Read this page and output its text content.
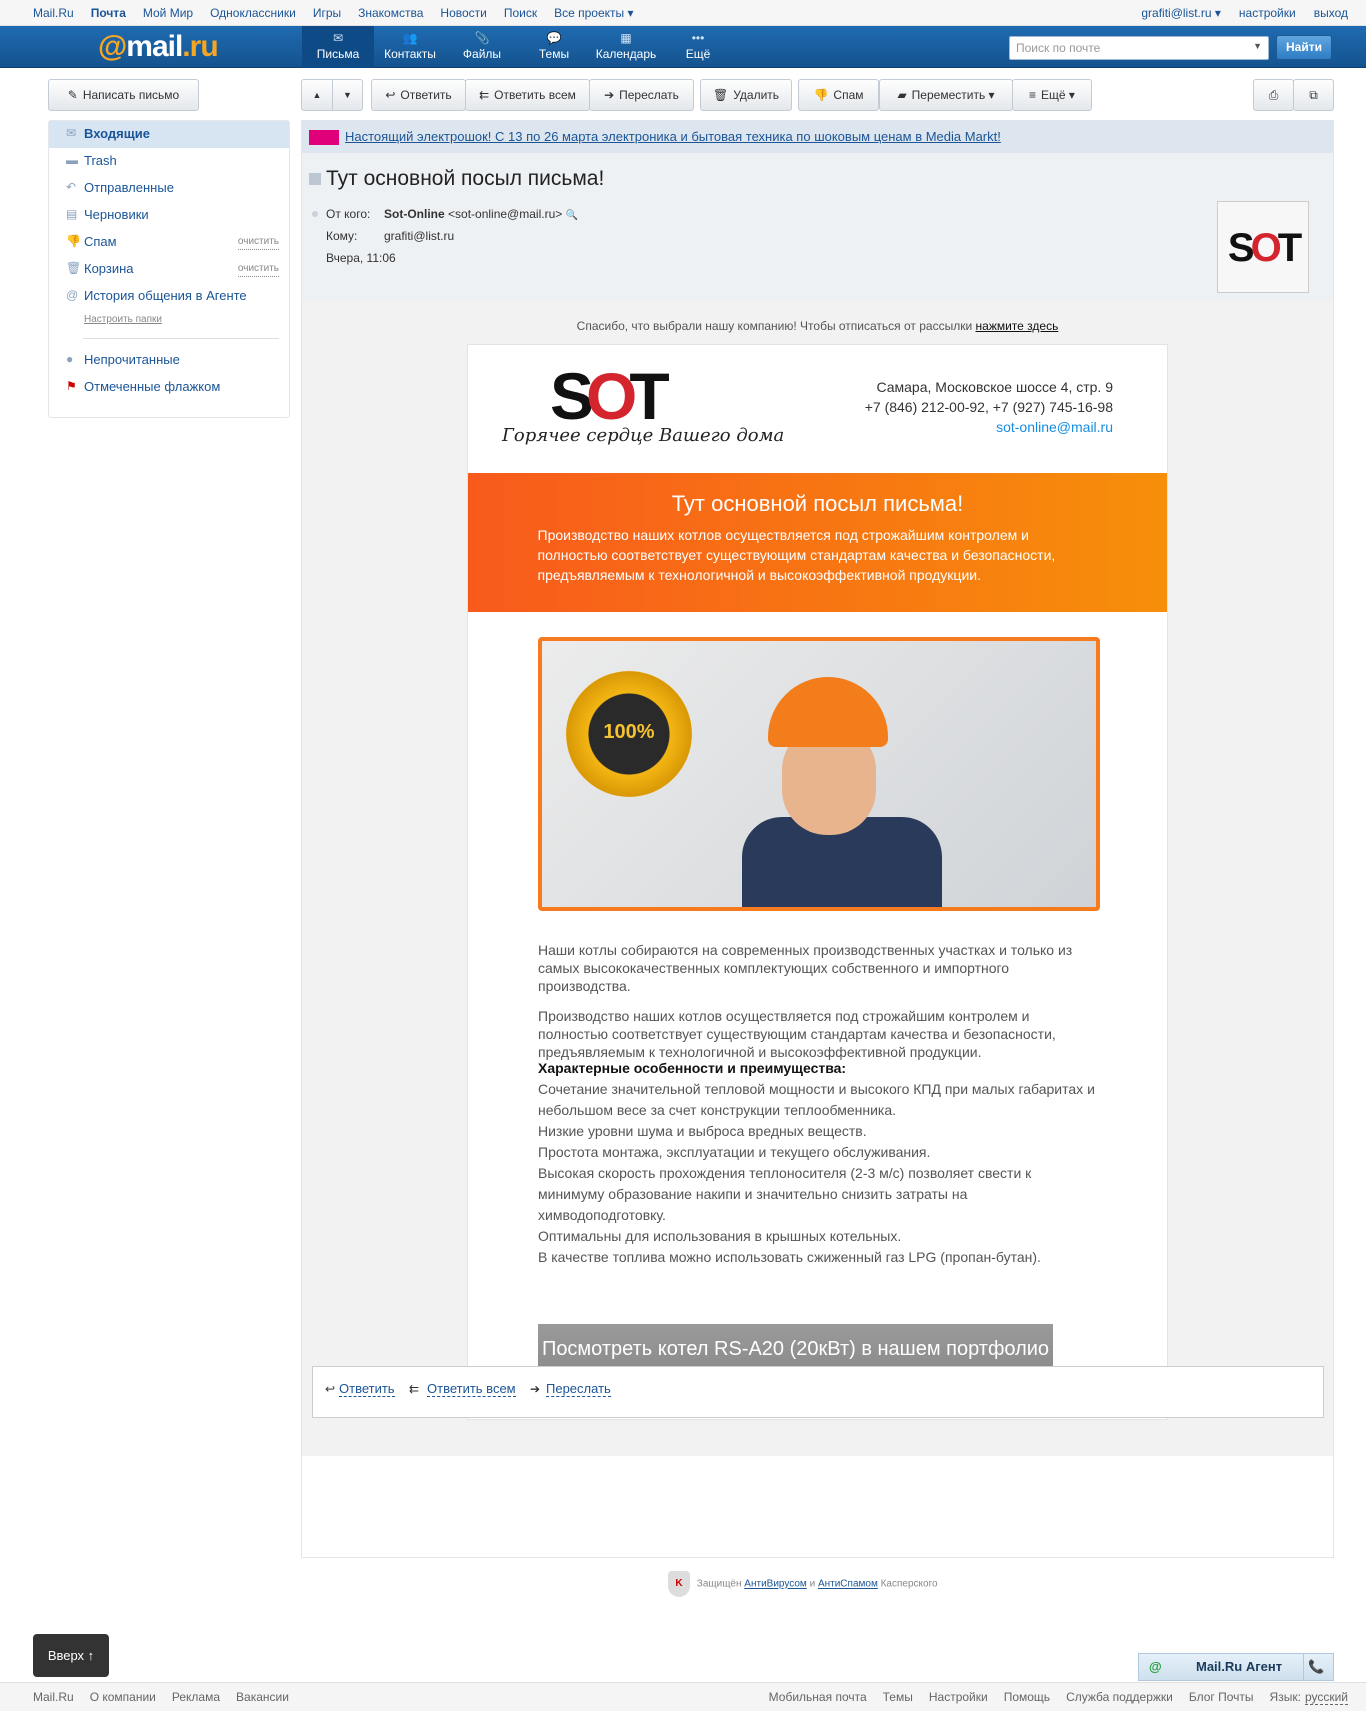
Mail.Ru Почта Мой Мир Одноклассники Игры Знакомства Новости Поиск Все проекты ▾	grafiti@list.ru ▾ настройки выход
@mail.ru	✉
Письма
👥
Контакты
📎
Файлы
💬
Темы
▦
Календарь
•••
Ещё	Поиск по почте	▼	Найти
✎ Написать письмо	▲	▼	↩ Ответить	⇇ Ответить всем	➔ Переслать	🗑 Удалить	👎 Спам	▰ Переместить ▾	≡ Ещё ▾	⎙	⧉
✉ Входящие
▬ Trash
↶ Отправленные
▤ Черновики
👎 Спам	очистить
🗑 Корзина	очистить
@ История общения в Агенте
Настроить папки
● Непрочитанные
⚑ Отмеченные флажком
Настоящий электрошок! С 13 по 26 марта электроника и бытовая техника по шоковым ценам в Media Markt!
Тут основной посыл письма!
От кого: Sot-Online <sot-online@mail.ru> 🔍
Кому: grafiti@list.ru
Вчера, 11:06	SOT
Спасибо, что выбрали нашу компанию! Чтобы отписаться от рассылки нажмите здесь
SOT
Горячее сердце Вашего дома
Самара, Московское шоссе 4, стр. 9
+7 (846) 212-00-92, +7 (927) 745-16-98
sot-online@mail.ru
Тут основной посыл письма!

Производство наших котлов осуществляется под строжайшим контролем и полностью соответствует существующим стандартам качества и безопасности, предъявляемым к технологичной и высокоэффективной продукции.

100%
Наши котлы собираются на современных производственных участках и только из самых высококачественных комплектующих собственного и импортного производства.
Производство наших котлов осуществляется под строжайшим контролем и полностью соответствует существующим стандартам качества и безопасности, предъявляемым к технологичной и высокоэффективной продукции.
Характерные особенности и преимущества:
Сочетание значительной тепловой мощности и высокого КПД при малых габаритах и небольшом весе за счет конструкции теплообменника.
Низкие уровни шума и выброса вредных веществ.
Простота монтажа, эксплуатации и текущего обслуживания.
Высокая скорость прохождения теплоносителя (2-3 м/с) позволяет свести к минимуму образование накипи и значительно снизить затраты на химводоподготовку.
Оптимальны для использования в крышных котельных.
В качестве топлива можно использовать сжиженный газ LPG (пропан-бутан).
Посмотреть котел RS-A20 (20кВт) в нашем портфолио
↩ Ответить ⇇ Ответить всем ➔ Переслать
K Защищён АнтиВирусом и АнтиСпамом Касперского
Вверх ↑
@	Mail.Ru Агент	📞
Mail.Ru О компании Реклама Вакансии	Мобильная почта Темы Настройки Помощь Служба поддержки Блог Почты Язык: русский
